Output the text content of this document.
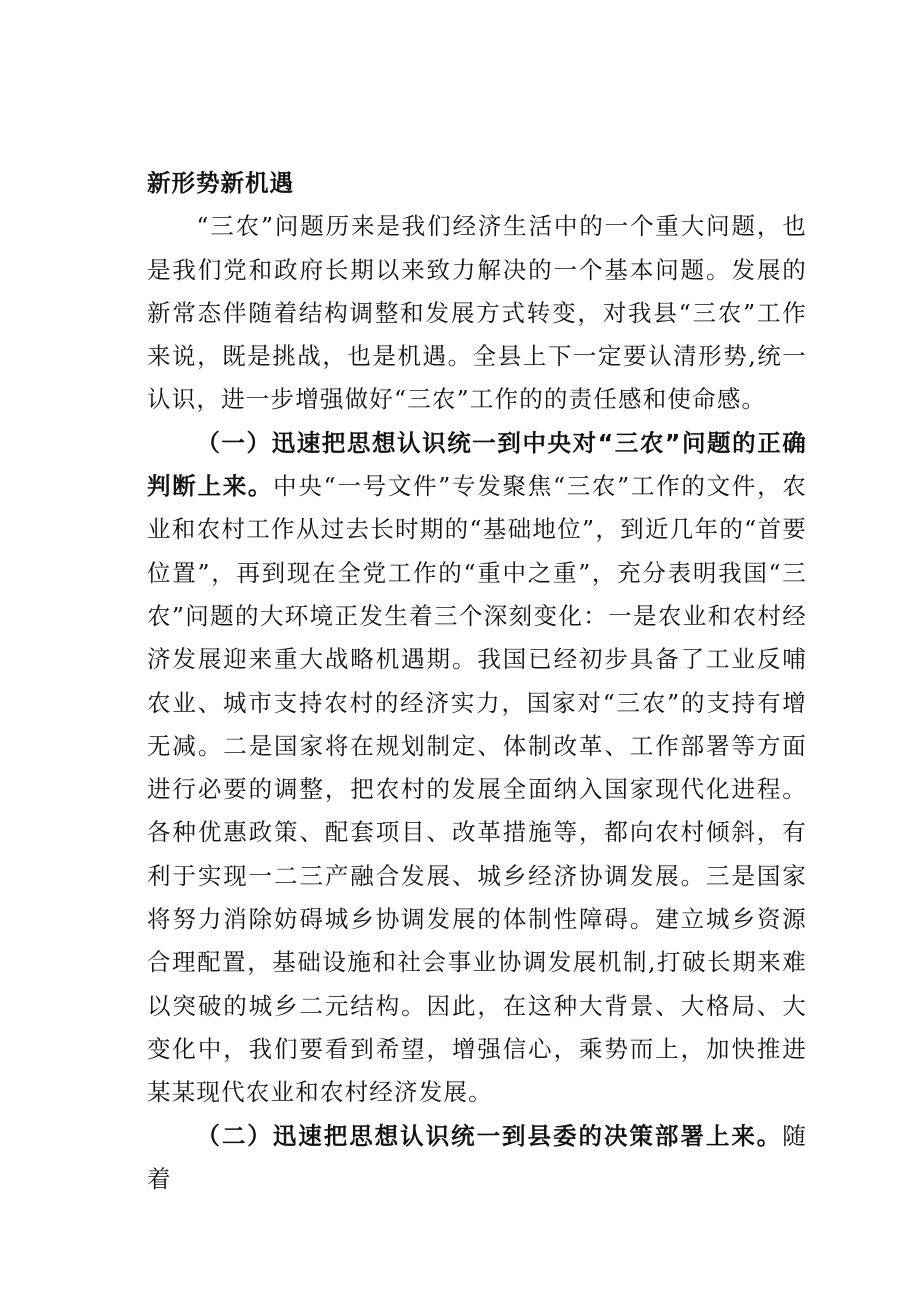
新形势新机遇

“三农”问题历来是我们经济生活中的一个重大问题，也是我们党和政府长期以来致力解决的一个基本问题。发展的新常态伴随着结构调整和发展方式转变，对我县“三农”工作来说，既是挑战，也是机遇。全县上下一定要认清形势,统一认识，进一步增强做好“三农”工作的的责任感和使命感。

（一）迅速把思想认识统一到中央对“三农”问题的正确判断上来。中央“一号文件”专发聚焦“三农”工作的文件，农业和农村工作从过去长时期的“基础地位”，到近几年的“首要位置”，再到现在全党工作的“重中之重”，充分表明我国“三农”问题的大环境正发生着三个深刻变化：一是农业和农村经济发展迎来重大战略机遇期。我国已经初步具备了工业反哺农业、城市支持农村的经济实力，国家对“三农”的支持有增无减。二是国家将在规划制定、体制改革、工作部署等方面进行必要的调整，把农村的发展全面纳入国家现代化进程。各种优惠政策、配套项目、改革措施等，都向农村倾斜，有利于实现一二三产融合发展、城乡经济协调发展。三是国家将努力消除妨碍城乡协调发展的体制性障碍。建立城乡资源合理配置，基础设施和社会事业协调发展机制,打破长期来难以突破的城乡二元结构。因此，在这种大背景、大格局、大变化中，我们要看到希望，增强信心，乘势而上，加快推进某某现代农业和农村经济发展。

（二）迅速把思想认识统一到县委的决策部署上来。随着
